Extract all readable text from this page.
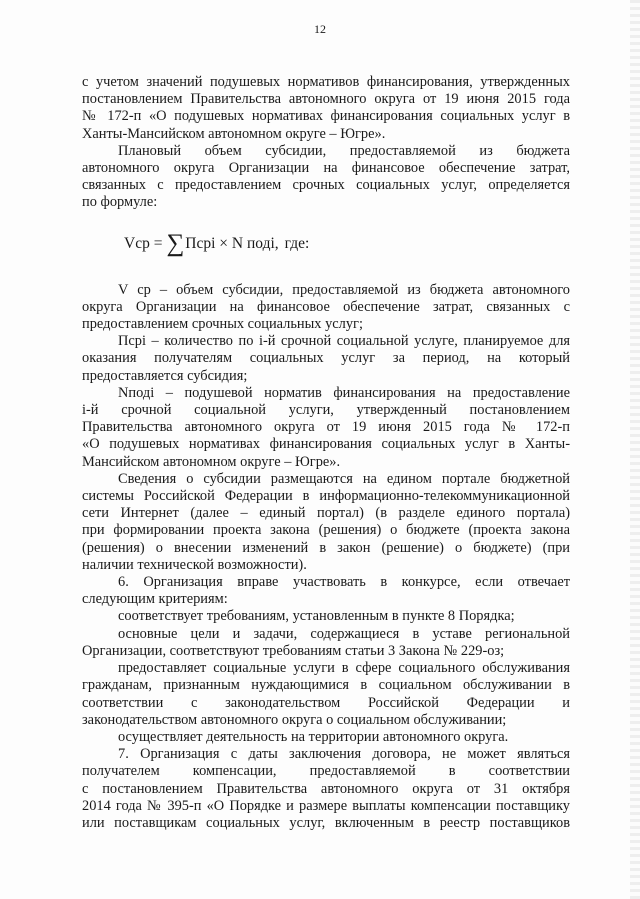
12

с учетом значений подушевых нормативов финансирования, утвержденных

постановлением Правительства автономного округа от 19 июня 2015 года

№ 172-п «О подушевых нормативах финансирования социальных услуг в

Ханты-Мансийском автономном округе – Югре».

Плановый объем субсидии, предоставляемой из бюджета

автономного округа Организации на финансовое обеспечение затрат,

связанных с предоставлением срочных социальных услуг, определяется

по формуле:

Vср = ∑ Псрi × N поді, где:

V ср – объем субсидии, предоставляемой из бюджета автономного

округа Организации на финансовое обеспечение затрат, связанных с

предоставлением срочных социальных услуг;

Псрі – количество по і-й срочной социальной услуге, планируемое для

оказания получателям социальных услуг за период, на который

предоставляется субсидия;

Nподі – подушевой норматив финансирования на предоставление

і-й срочной социальной услуги, утвержденный постановлением

Правительства автономного округа от 19 июня 2015 года № 172-п

«О подушевых нормативах финансирования социальных услуг в Ханты-

Мансийском автономном округе – Югре».

Сведения о субсидии размещаются на едином портале бюджетной

системы Российской Федерации в информационно-телекоммуникационной

сети Интернет (далее – единый портал) (в разделе единого портала)

при формировании проекта закона (решения) о бюджете (проекта закона

(решения) о внесении изменений в закон (решение) о бюджете) (при

наличии технической возможности).

6. Организация вправе участвовать в конкурсе, если отвечает

следующим критериям:

соответствует требованиям, установленным в пункте 8 Порядка;

основные цели и задачи, содержащиеся в уставе региональной

Организации, соответствуют требованиям статьи 3 Закона № 229-оз;

предоставляет социальные услуги в сфере социального обслуживания

гражданам, признанным нуждающимися в социальном обслуживании в

соответствии с законодательством Российской Федерации и

законодательством автономного округа о социальном обслуживании;

осуществляет деятельность на территории автономного округа.

7. Организация с даты заключения договора, не может являться

получателем компенсации, предоставляемой в соответствии

с постановлением Правительства автономного округа от 31 октября

2014 года № 395-п «О Порядке и размере выплаты компенсации поставщику

или поставщикам социальных услуг, включенным в реестр поставщиков
